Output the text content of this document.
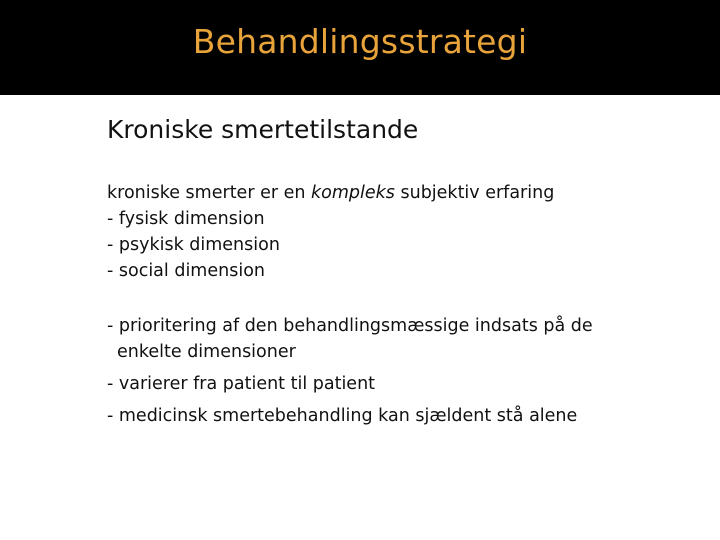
Behandlingsstrategi
Kroniske smertetilstande
kroniske smerter er en kompleks subjektiv erfaring
- fysisk dimension
- psykisk dimension
- social dimension
- prioritering af den behandlingsmæssige indsats på de
enkelte dimensioner
- varierer fra patient til patient
- medicinsk smertebehandling kan sjældent stå alene
